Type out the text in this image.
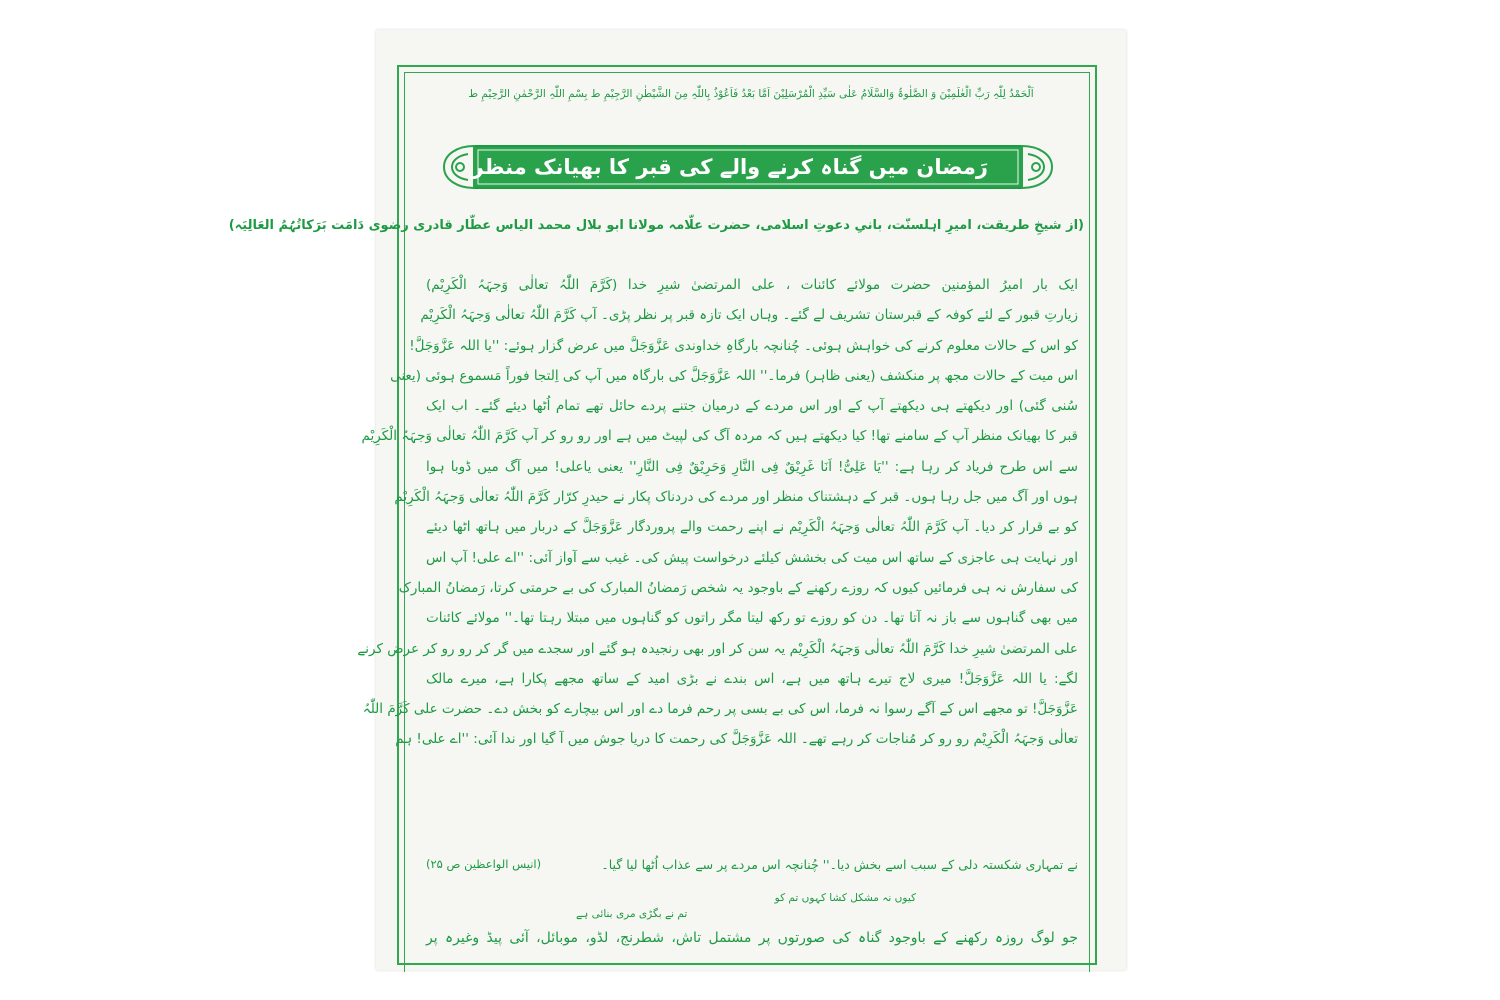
اَلْحَمْدُ لِلّٰہِ رَبِّ الْعٰلَمِیْنَ وَ الصَّلٰوۃُ وَالسَّلَامُ عَلٰی سَیِّدِ الْمُرْسَلِیْنَ اَمَّا بَعْدُ فَاَعُوْذُ بِاللّٰہِ مِنَ الشَّیْطٰنِ الرَّجِیْمِ ط بِسْمِ اللّٰہِ الرَّحْمٰنِ الرَّحِیْمِ ط
رَمضان میں گناہ کرنے والے کی قبر کا بھیانک منظر
(از شیخِ طریقت، امیرِ اہلسنّت، بانیِ دعوتِ اسلامی، حضرت علّامہ مولانا ابو بلال محمد الیاس عطّار قادری رضوی دَامَت بَرَکاتُہُمُ العَالِیَہ)
ایک بار امیرُ المؤمنین حضرت مولائے کائنات ، علی المرتضیٰ شیرِ خدا (کَرَّمَ اللّٰہُ تعالٰی وَجہَہُ الْکَرِیْم)
زیارتِ قبور کے لئے کوفہ کے قبرستان تشریف لے گئے۔ وہاں ایک تازہ قبر پر نظر پڑی۔ آپ کَرَّمَ اللّٰہُ تعالٰی وَجہَہُ الْکَرِیْم
کو اس کے حالات معلوم کرنے کی خواہش ہوئی۔ چُنانچہ بارگاہِ خداوندی عَزَّوَجَلَّ میں عرض گزار ہوئے: ''یا اللہ عَزَّوَجَلَّ!
اس میت کے حالات مجھ پر منکشف (یعنی ظاہر) فرما۔'' اللہ عَزَّوَجَلَّ کی بارگاہ میں آپ کی اِلتجا فوراً مَسموع ہوئی (یعنی
سُنی گئی) اور دیکھتے ہی دیکھتے آپ کے اور اس مردے کے درمیان جتنے پردے حائل تھے تمام اُٹھا دیئے گئے۔ اب ایک
قبر کا بھیانک منظر آپ کے سامنے تھا! کیا دیکھتے ہیں کہ مردہ آگ کی لپیٹ میں ہے اور رو رو کر آپ کَرَّمَ اللّٰہُ تعالٰی وَجہَہُ الْکَرِیْم
سے اس طرح فریاد کر رہا ہے: ''یَا عَلِیُّ! اَنَا غَرِیْقٌ فِی النَّارِ وَحَرِیْقٌ فِی النَّارِ'' یعنی یاعلی! میں آگ میں ڈوبا ہوا
ہوں اور آگ میں جل رہا ہوں۔ قبر کے دہشتناک منظر اور مردے کی دردناک پکار نے حیدرِ کرّار کَرَّمَ اللّٰہُ تعالٰی وَجہَہُ الْکَرِیْم
کو بے قرار کر دیا۔ آپ کَرَّمَ اللّٰہُ تعالٰی وَجہَہُ الْکَرِیْم نے اپنے رحمت والے پروردگار عَزَّوَجَلَّ کے دربار میں ہاتھ اٹھا دیئے
اور نہایت ہی عاجزی کے ساتھ اس میت کی بخشش کیلئے درخواست پیش کی۔ غیب سے آواز آئی: ''اے علی! آپ اس
کی سفارش نہ ہی فرمائیں کیوں کہ روزے رکھنے کے باوجود یہ شخص رَمضانُ المبارک کی بے حرمتی کرتا، رَمضانُ المبارک
میں بھی گناہوں سے باز نہ آتا تھا۔ دن کو روزے تو رکھ لیتا مگر راتوں کو گناہوں میں مبتلا رہتا تھا۔'' مولائے کائنات
علی المرتضیٰ شیرِ خدا کَرَّمَ اللّٰہُ تعالٰی وَجہَہُ الْکَرِیْم یہ سن کر اور بھی رنجیدہ ہو گئے اور سجدے میں گر کر رو رو کر عرض کرنے
لگے: یا اللہ عَزَّوَجَلَّ! میری لاج تیرے ہاتھ میں ہے، اس بندے نے بڑی امید کے ساتھ مجھے پکارا ہے، میرے مالک
عَزَّوَجَلَّ! تو مجھے اس کے آگے رسوا نہ فرما، اس کی بے بسی پر رحم فرما دے اور اس بیچارے کو بخش دے۔ حضرت علی کَرَّمَ اللّٰہُ
تعالٰی وَجہَہُ الْکَرِیْم رو رو کر مُناجات کر رہے تھے۔ اللہ عَزَّوَجَلَّ کی رحمت کا دریا جوش میں آ گیا اور ندا آئی: ''اے علی! ہم
نے تمہاری شکستہ دلی کے سبب اسے بخش دیا۔'' چُنانچہ اس مردے پر سے عذاب اُٹھا لیا گیا۔
(انیس الواعظین ص ۲۵)
کیوں نہ مشکل کشا کہوں تم کو
تم نے بگڑی مری بنائی ہے
جو لوگ روزہ رکھنے کے باوجود گناہ کی صورتوں پر مشتمل تاش، شطرنج، لڈو، موبائل، آئی پیڈ وغیرہ پر
